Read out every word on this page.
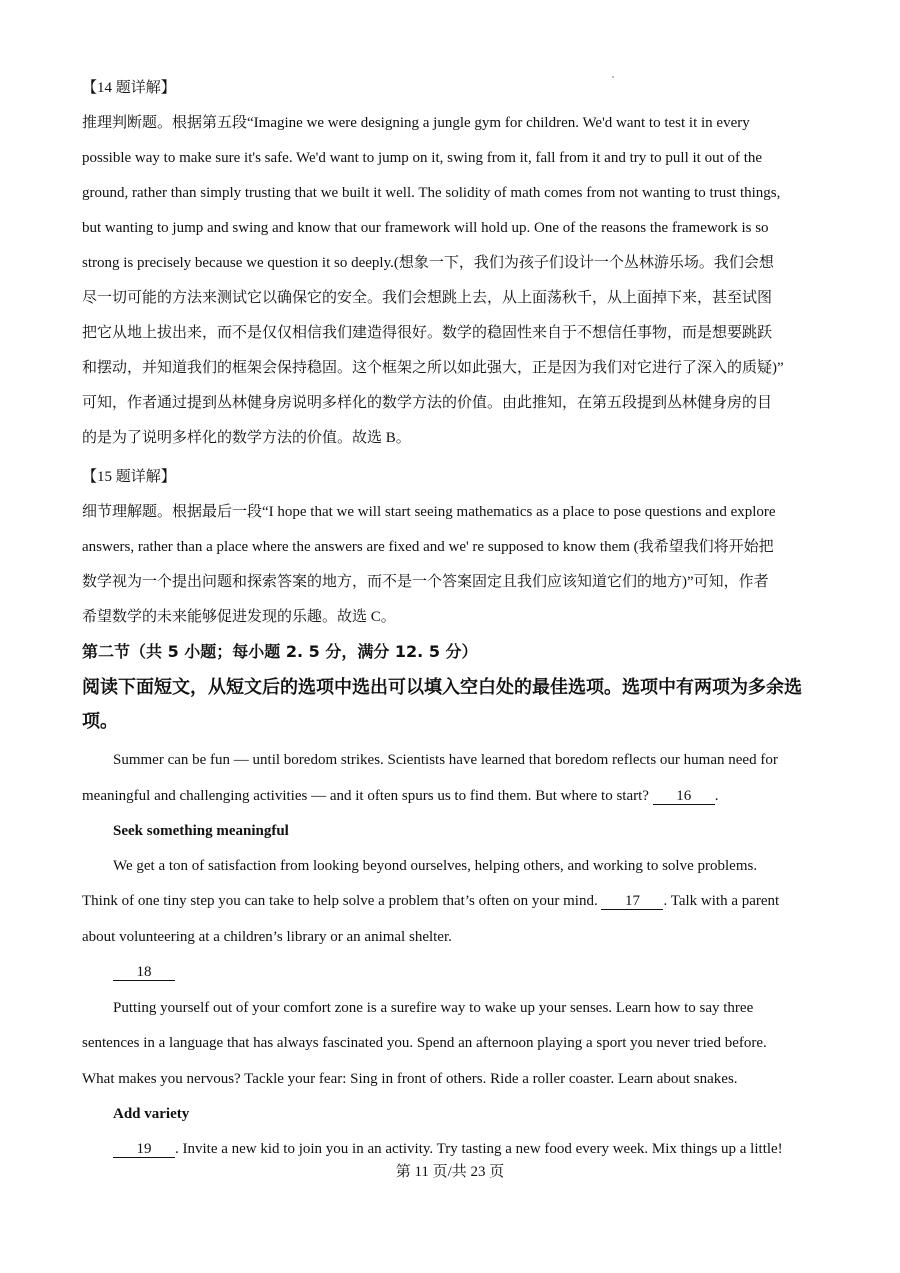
【14 题详解】
推理判断题。根据第五段“Imagine we were designing a jungle gym for children. We'd want to test it in every
possible way to make sure it's safe. We'd want to jump on it, swing from it, fall from it and try to pull it out of the
ground, rather than simply trusting that we built it well. The solidity of math comes from not wanting to trust things,
but wanting to jump and swing and know that our framework will hold up. One of the reasons the framework is so
strong is precisely because we question it so deeply.(想象一下，我们为孩子们设计一个丛林游乐场。我们会想
尽一切可能的方法来测试它以确保它的安全。我们会想跳上去，从上面荡秋千，从上面掉下来，甚至试图
把它从地上拔出来，而不是仅仅相信我们建造得很好。数学的稳固性来自于不想信任事物，而是想要跳跃
和摆动，并知道我们的框架会保持稳固。这个框架之所以如此强大，正是因为我们对它进行了深入的质疑)”
可知，作者通过提到丛林健身房说明多样化的数学方法的价值。由此推知，在第五段提到丛林健身房的目
的是为了说明多样化的数学方法的价值。故选 B。
【15 题详解】
细节理解题。根据最后一段“I hope that we will start seeing mathematics as a place to pose questions and explore
answers, rather than a place where the answers are fixed and we' re supposed to know them (我希望我们将开始把
数学视为一个提出问题和探索答案的地方，而不是一个答案固定且我们应该知道它们的地方)”可知，作者
希望数学的未来能够促进发现的乐趣。故选 C。
第二节（共 5 小题；每小题 2. 5 分，满分 12. 5 分）
阅读下面短文，从短文后的选项中选出可以填入空白处的最佳选项。选项中有两项为多余选
项。
Summer can be fun — until boredom strikes. Scientists have learned that boredom reflects our human need for
meaningful and challenging activities — and it often spurs us to find them. But where to start? 16 .
Seek something meaningful
We get a ton of satisfaction from looking beyond ourselves, helping others, and working to solve problems.
Think of one tiny step you can take to help solve a problem that’s often on your mind. 17 . Talk with a parent
about volunteering at a children’s library or an animal shelter.
18
Putting yourself out of your comfort zone is a surefire way to wake up your senses. Learn how to say three
sentences in a language that has always fascinated you. Spend an afternoon playing a sport you never tried before.
What makes you nervous? Tackle your fear: Sing in front of others. Ride a roller coaster. Learn about snakes.
Add variety
19 . Invite a new kid to join you in an activity. Try tasting a new food every week. Mix things up a little!
第 11 页/共 23 页
